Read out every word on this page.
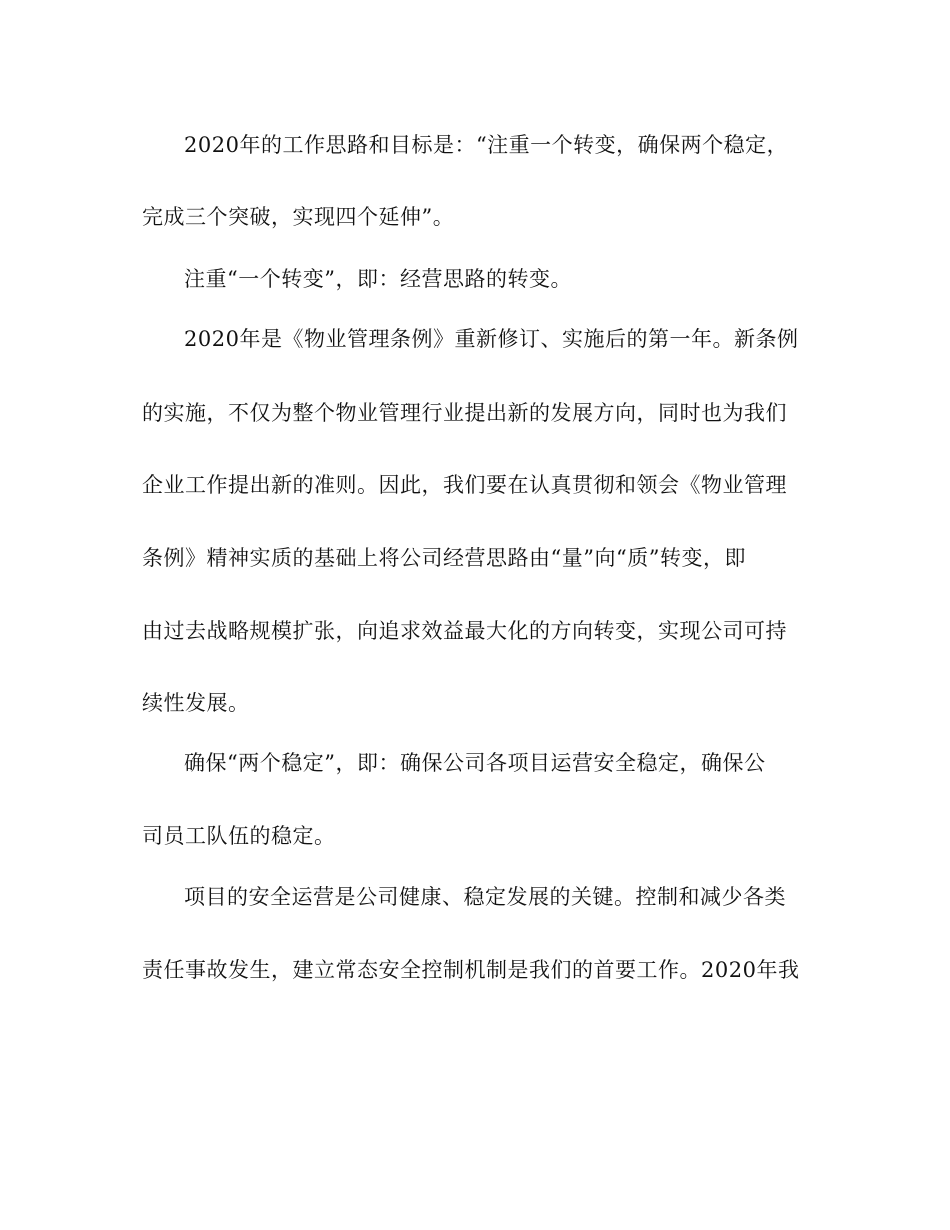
2020年的工作思路和目标是：“注重一个转变，确保两个稳定，
完成三个突破，实现四个延伸”。
注重“一个转变”，即：经营思路的转变。
2020年是《物业管理条例》重新修订、实施后的第一年。新条例
的实施，不仅为整个物业管理行业提出新的发展方向，同时也为我们
企业工作提出新的准则。因此，我们要在认真贯彻和领会《物业管理
条例》精神实质的基础上将公司经营思路由“量”向“质”转变，即
由过去战略规模扩张，向追求效益最大化的方向转变，实现公司可持
续性发展。
确保“两个稳定”，即：确保公司各项目运营安全稳定，确保公
司员工队伍的稳定。
项目的安全运营是公司健康、稳定发展的关键。控制和减少各类
责任事故发生，建立常态安全控制机制是我们的首要工作。2020年我
